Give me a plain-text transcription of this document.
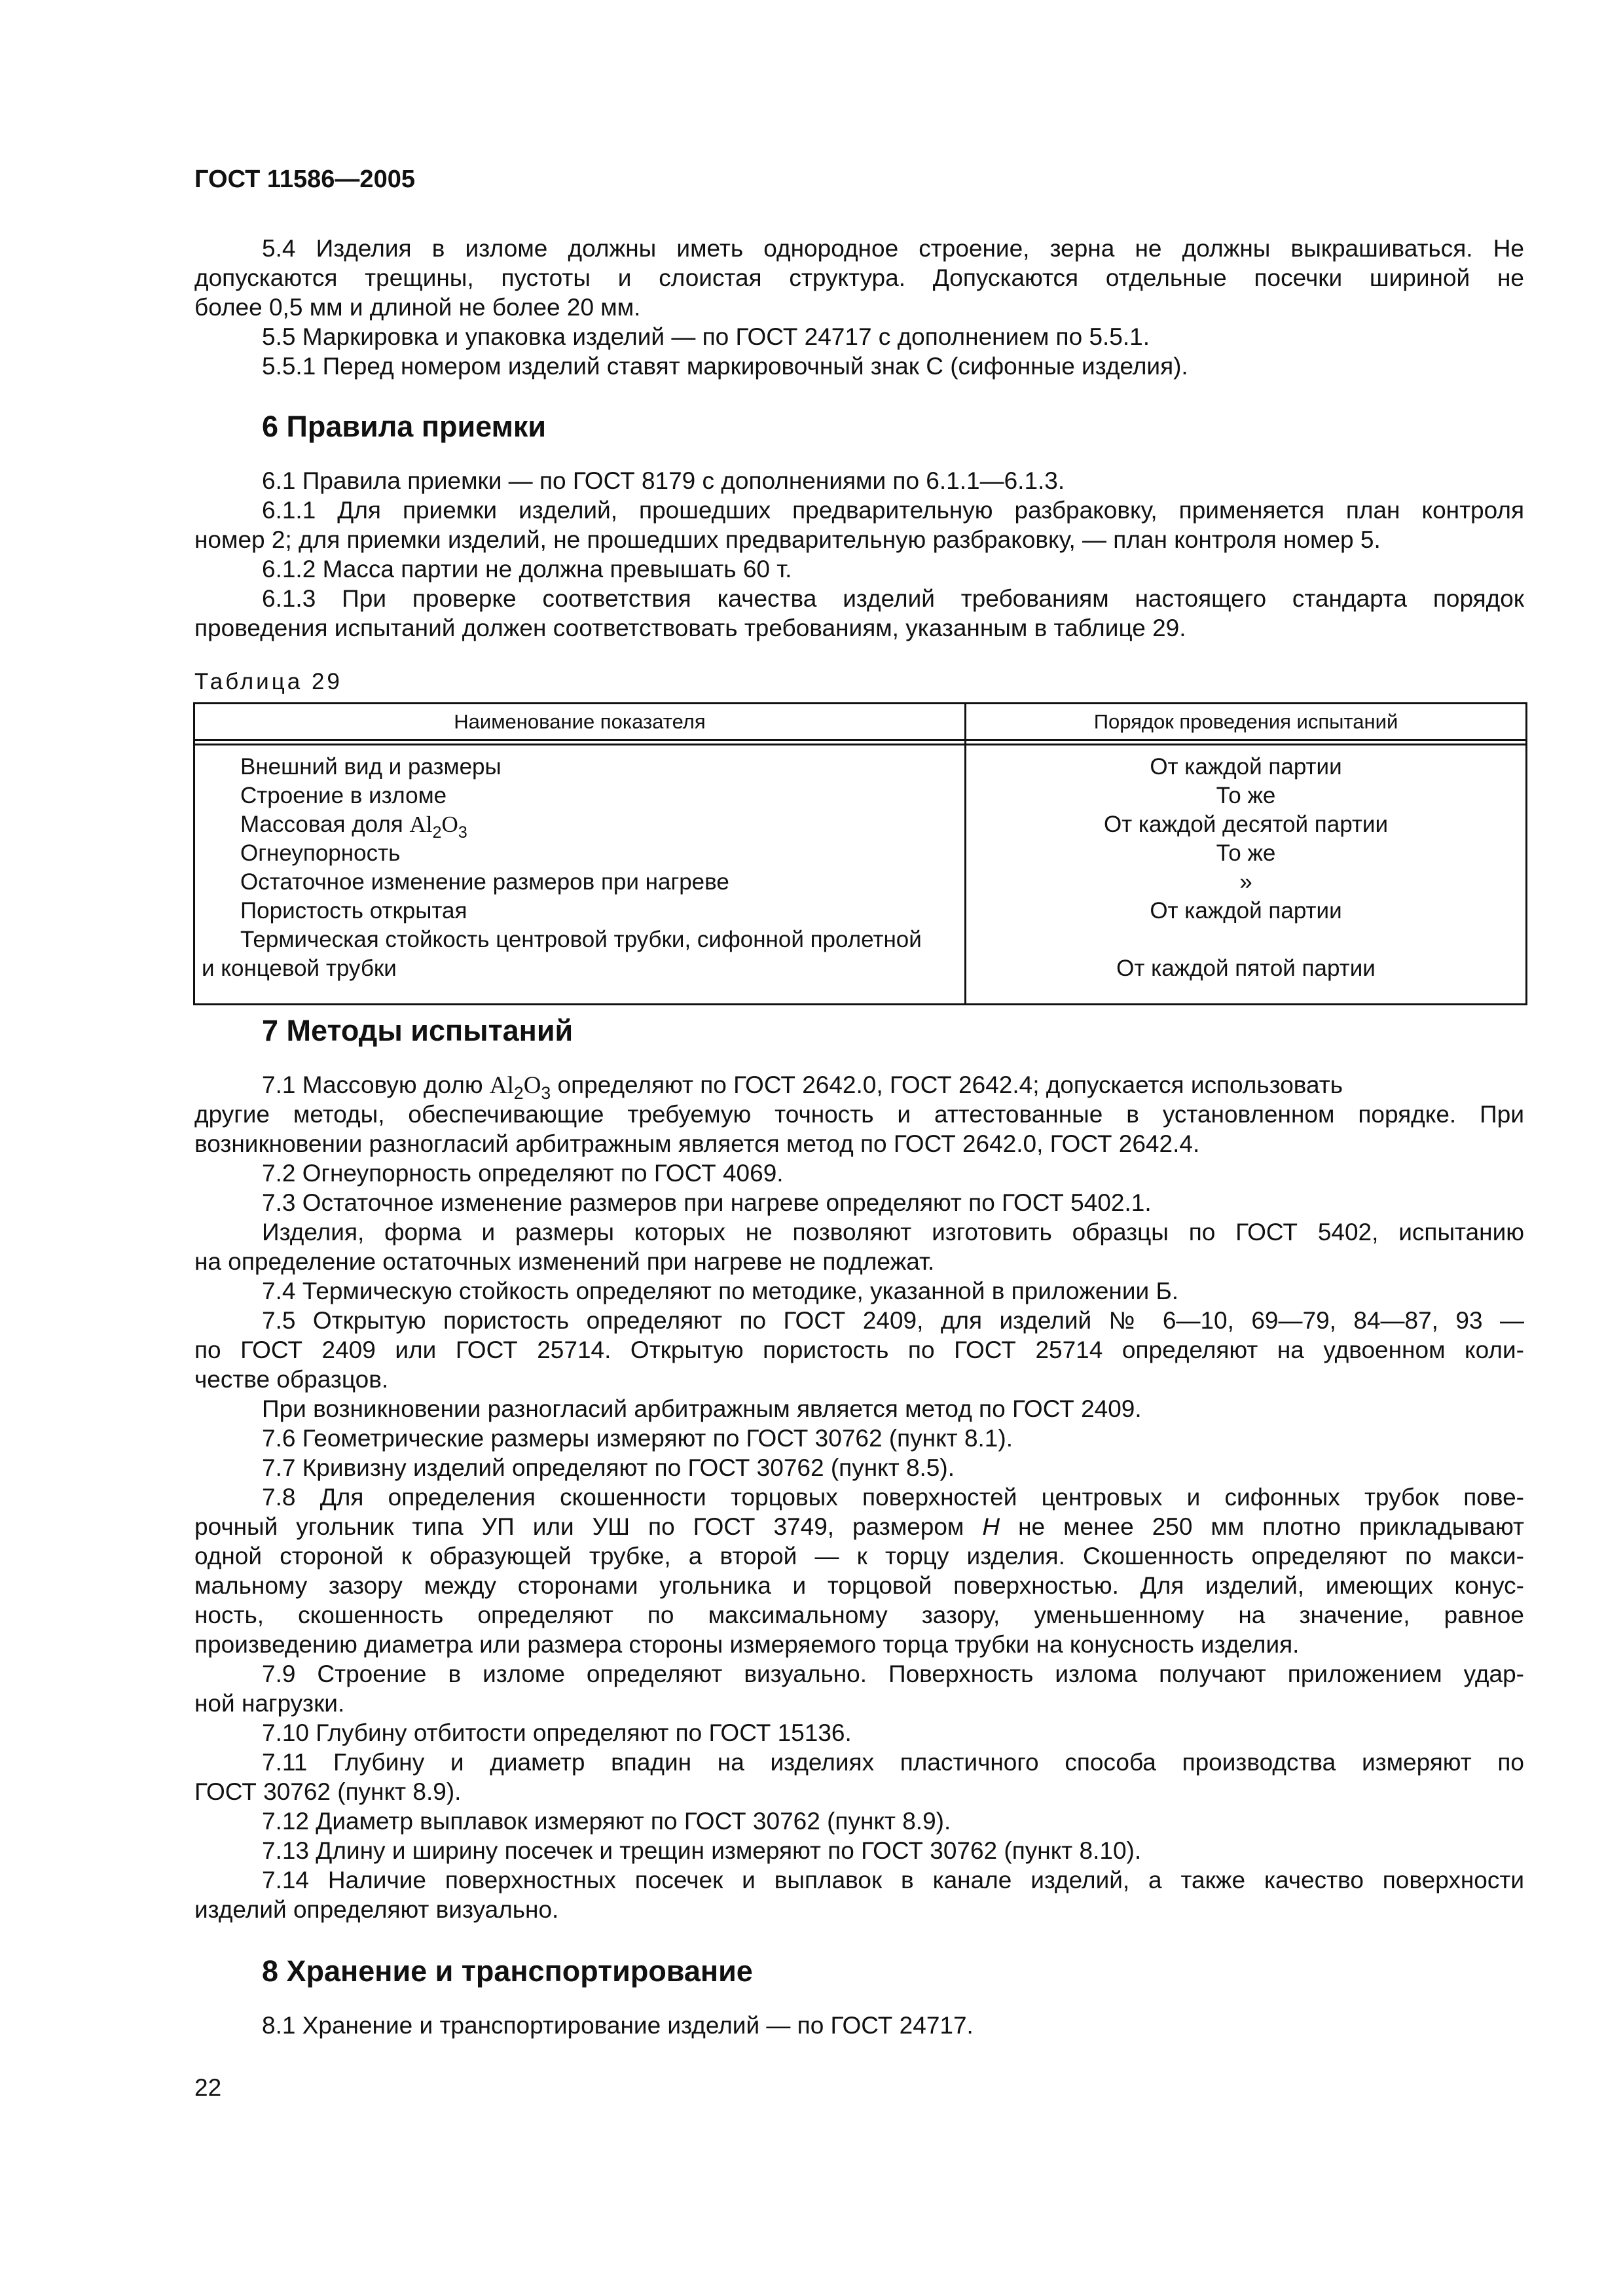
ГОСТ 11586—2005
5.4 Изделия в изломе должны иметь однородное строение, зерна не должны выкрашиваться. Не
допускаются трещины, пустоты и слоистая структура. Допускаются отдельные посечки шириной не
более 0,5 мм и длиной не более 20 мм.
5.5 Маркировка и упаковка изделий — по ГОСТ 24717 с дополнением по 5.5.1.
5.5.1 Перед номером изделий ставят маркировочный знак С (сифонные изделия).
6 Правила приемки
6.1 Правила приемки — по ГОСТ 8179 с дополнениями по 6.1.1—6.1.3.
6.1.1 Для приемки изделий, прошедших предварительную разбраковку, применяется план контроля
номер 2; для приемки изделий, не прошедших предварительную разбраковку, — план контроля номер 5.
6.1.2 Масса партии не должна превышать 60 т.
6.1.3 При проверке соответствия качества изделий требованиям настоящего стандарта порядок
проведения испытаний должен соответствовать требованиям, указанным в таблице 29.
Таблица 29
Наименование показателя	Порядок проведения испытаний
Внешний вид и размеры	От каждой партии
Строение в изломе	То же
Массовая доля $Al_2O_3$	От каждой десятой партии
Огнеупорность	То же
Остаточное изменение размеров при нагреве	»
Пористость открытая	От каждой партии
Термическая стойкость центровой трубки, сифонной пролетной
и концевой трубки	От каждой пятой партии
7 Методы испытаний
7.1 Массовую долю $Al_2O_3$ определяют по ГОСТ 2642.0, ГОСТ 2642.4; допускается использовать
другие методы, обеспечивающие требуемую точность и аттестованные в установленном порядке. При
возникновении разногласий арбитражным является метод по ГОСТ 2642.0, ГОСТ 2642.4.
7.2 Огнеупорность определяют по ГОСТ 4069.
7.3 Остаточное изменение размеров при нагреве определяют по ГОСТ 5402.1.
Изделия, форма и размеры которых не позволяют изготовить образцы по ГОСТ 5402, испытанию
на определение остаточных изменений при нагреве не подлежат.
7.4 Термическую стойкость определяют по методике, указанной в приложении Б.
7.5 Открытую пористость определяют по ГОСТ 2409, для изделий № 6—10, 69—79, 84—87, 93 —
по ГОСТ 2409 или ГОСТ 25714. Открытую пористость по ГОСТ 25714 определяют на удвоенном коли-
честве образцов.
При возникновении разногласий арбитражным является метод по ГОСТ 2409.
7.6 Геометрические размеры измеряют по ГОСТ 30762 (пункт 8.1).
7.7 Кривизну изделий определяют по ГОСТ 30762 (пункт 8.5).
7.8 Для определения скошенности торцовых поверхностей центровых и сифонных трубок пове-
рочный угольник типа УП или УШ по ГОСТ 3749, размером H не менее 250 мм плотно прикладывают
одной стороной к образующей трубке, а второй — к торцу изделия. Скошенность определяют по макси-
мальному зазору между сторонами угольника и торцовой поверхностью. Для изделий, имеющих конус-
ность, скошенность определяют по максимальному зазору, уменьшенному на значение, равное
произведению диаметра или размера стороны измеряемого торца трубки на конусность изделия.
7.9 Строение в изломе определяют визуально. Поверхность излома получают приложением удар-
ной нагрузки.
7.10 Глубину отбитости определяют по ГОСТ 15136.
7.11 Глубину и диаметр впадин на изделиях пластичного способа производства измеряют по
ГОСТ 30762 (пункт 8.9).
7.12 Диаметр выплавок измеряют по ГОСТ 30762 (пункт 8.9).
7.13 Длину и ширину посечек и трещин измеряют по ГОСТ 30762 (пункт 8.10).
7.14 Наличие поверхностных посечек и выплавок в канале изделий, а также качество поверхности
изделий определяют визуально.
8 Хранение и транспортирование
8.1 Хранение и транспортирование изделий — по ГОСТ 24717.
22
